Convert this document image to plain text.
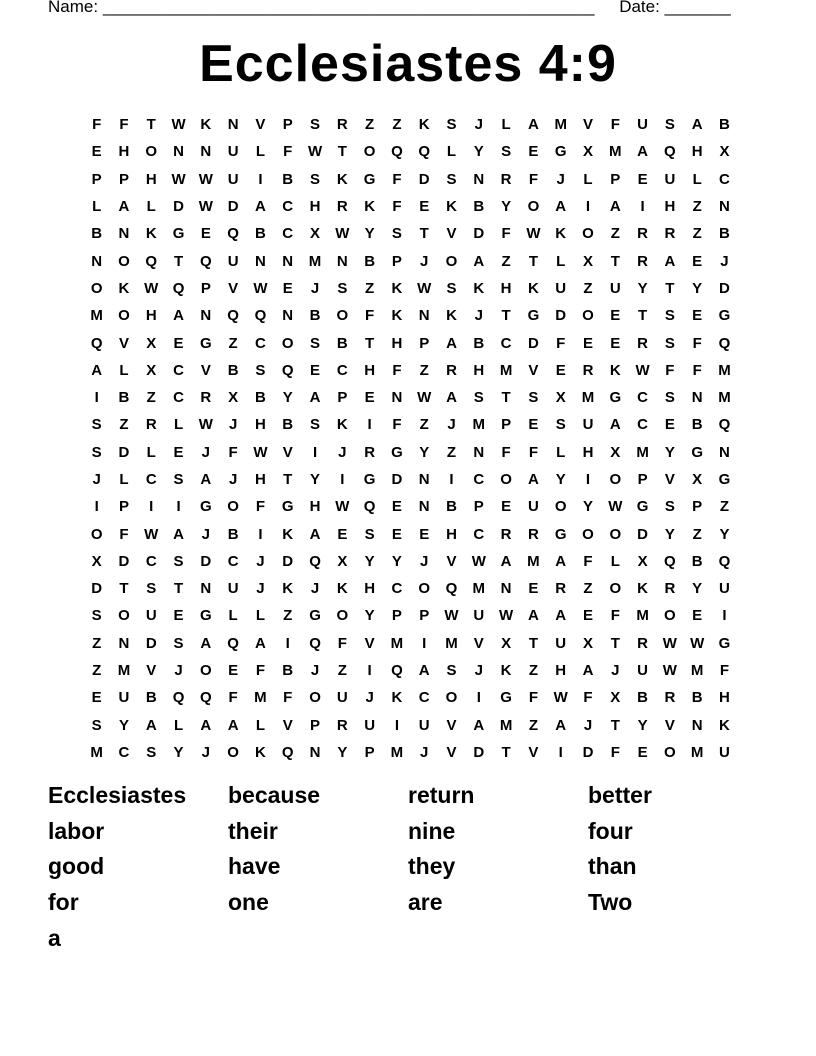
Name: ____________________________________________________ Date: _______
Ecclesiastes 4:9
F	F	T	W K	N	V	P	S	R	Z	Z	K	S	J	L	A	M	V	F	U	S	A	B
E	H	O	N	N	U	L	F	W	T	O	Q	Q	L	Y	S	E	G	X	M	A	Q	H	X
P	P	H W W U	I	B	S	K	G	F	D	S	N	R	F	J	L	P	E	U	L	C
L	A	L	D W D	A	C	H	R	K	F	E	K	B	Y	O	A	I	A	I	H	Z	N
B	N	K	G	E	Q	B	C	X	W	Y	S	T	V	D	F	W K	O	Z	R	R	Z	B
N	O	Q	T	Q	U	N	N	M	N	B	P	J	O	A	Z	T	L	X	T	R	A	E	J
O	K W Q	P	V	W	E	J	S	Z	K W	S	K	H	K	U	Z	U	Y	T	Y	D
M	O	H	A	N	Q	Q	N	B	O	F	K	N	K	J	T	G	D	O	E	T	S	E	G
Q	V	X	E	G	Z	C	O	S	B	T	H	P	A	B	C	D	F	E	E	R	S	F	Q
A	L	X	C	V	B	S	Q	E	C	H	F	Z	R	H	M	V	E	R	K W	F	F	M
I	B	Z	C	R	X	B	Y	A	P	E	N W A	S	T	S	X	M	G	C	S	N	M
S	Z	R	L	W	J	H	B	S	K	I	F	Z	J	M	P	E	S	U	A	C	E	B	Q
S	D	L	E	J	F	W	V	I	J	R	G	Y	Z	N	F	F	L	H	X	M	Y	G	N
J	L	C	S	A	J	H	T	Y	I	G	D	N	I	C	O	A	Y	I	O	P	V	X	G
I	P	I	I	G	O	F	G	H W Q	E	N	B	P	E	U	O	Y	W G	S	P	Z
O	F	W A	J	B	I	K	A	E	S	E	E	H	C	R	R	G	O	O	D	Y	Z	Y
X	D	C	S	D	C	J	D	Q	X	Y	Y	J	V	W A	M	A	F	L	X	Q	B	Q
D	T	S	T	N	U	J	K	J	K	H	C	O	Q	M	N	E	R	Z	O	K	R	Y	U
S	O	U	E	G	L	L	Z	G	O	Y	P	P	W U W A	A	E	F	M	O	E	I
Z	N	D	S	A	Q	A	I	Q	F	V	M	I	M	V	X	T	U	X	T	R W W G
Z	M	V	J	O	E	F	B	J	Z	I	Q	A	S	J	K	Z	H	A	J	U W M	F
E	U	B	Q	Q	F	M	F	O	U	J	K	C	O	I	G	F	W	F	X	B	R	B	H
S	Y	A	L	A	A	L	V	P	R	U	I	U	V	A	M	Z	A	J	T	Y	V	N	K
M	C	S	Y	J	O	K	Q	N	Y	P	M	J	V	D	T	V	I	D	F	E	O	M	U
Ecclesiastes	because	return	better
labor	their	nine	four
good	have	they	than
for	one	are	Two
a
